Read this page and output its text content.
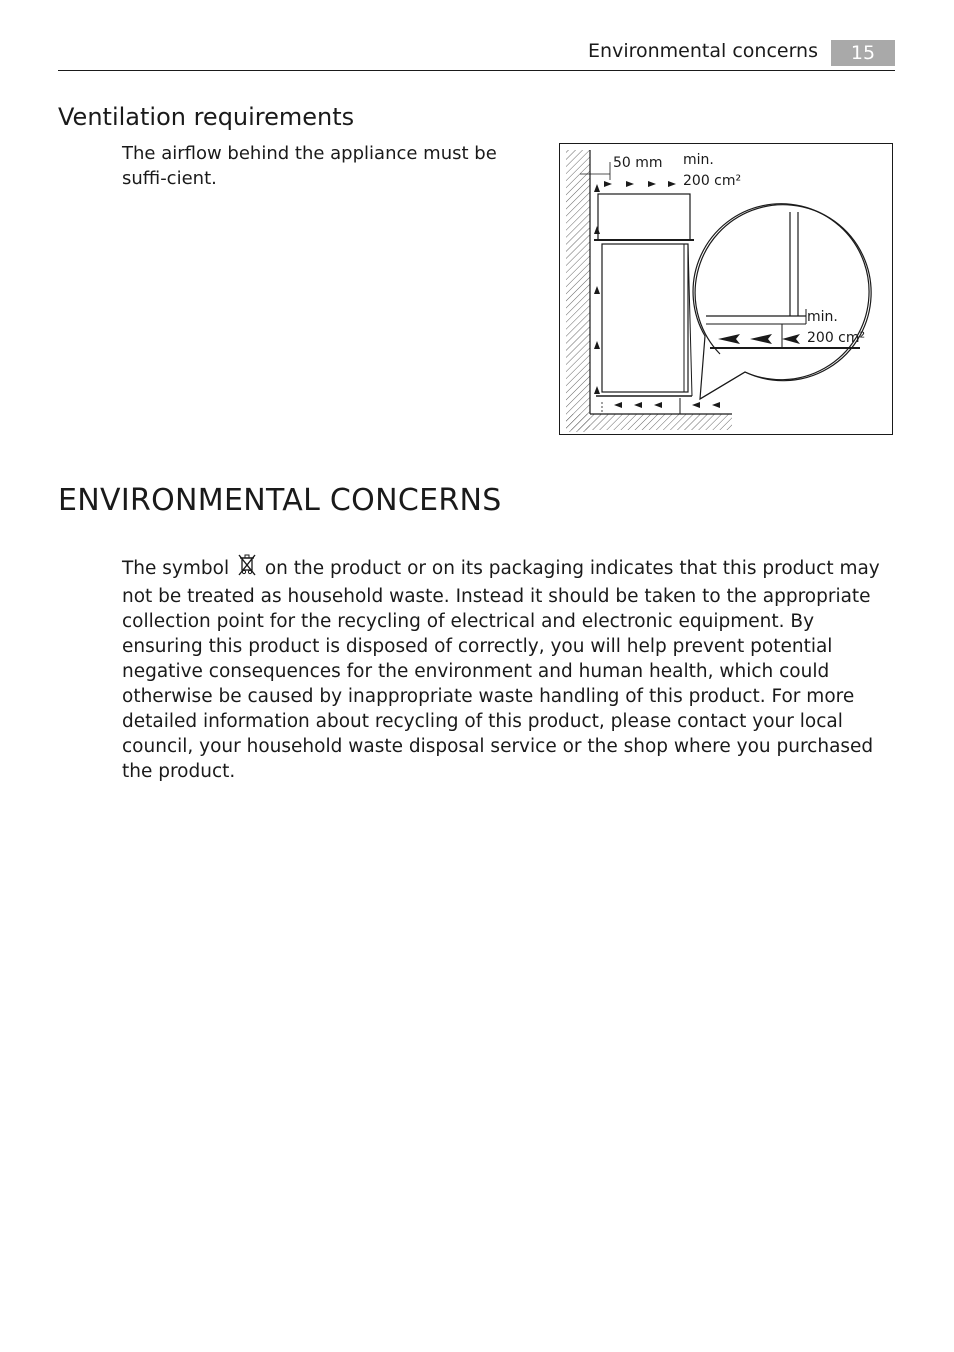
Environmental concerns	15
Ventilation requirements
The airflow behind the appliance must be suffi-cient.
50 mm min.
200 cm²
min.
200 cm²
ENVIRONMENTAL CONCERNS
The symbol  on the product or on its packaging indicates that this product may not be treated as household waste. Instead it should be taken to the appropriate collection point for the recycling of electrical and electronic equipment. By ensuring this product is disposed of correctly, you will help prevent potential negative consequences for the environment and human health, which could otherwise be caused by inappropriate waste handling of this product. For more detailed information about recycling of this product, please contact your local council, your household waste disposal service or the shop where you purchased the product.
